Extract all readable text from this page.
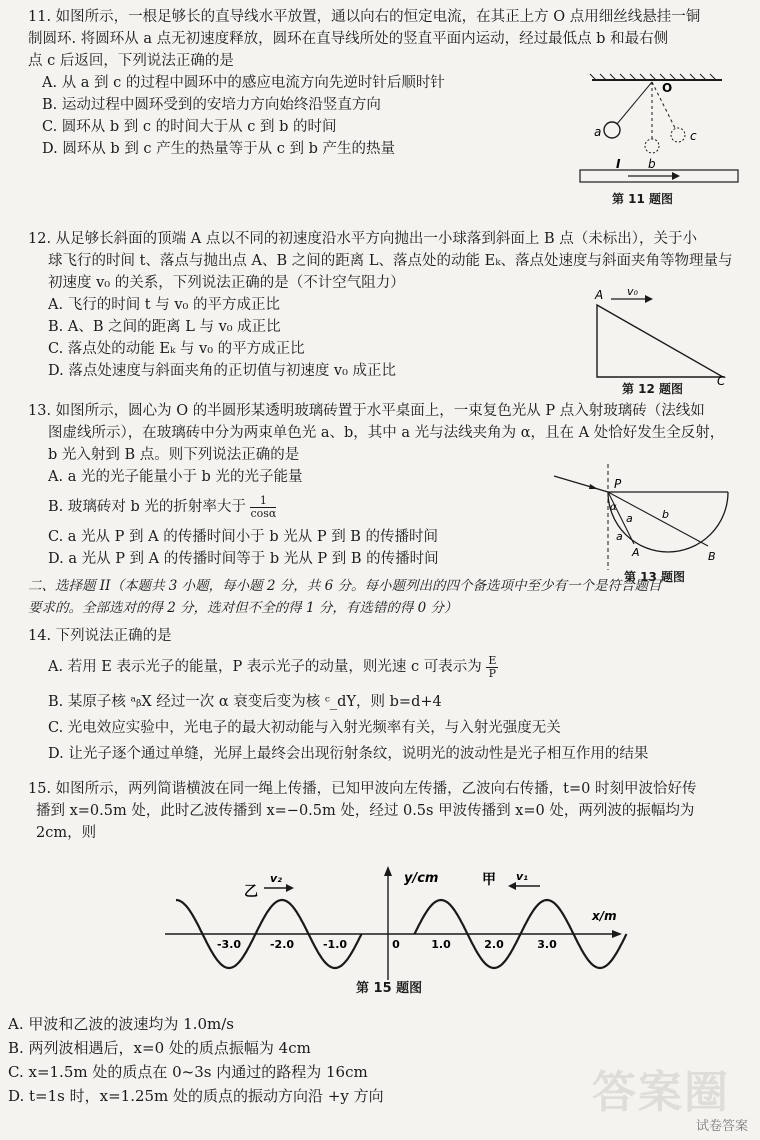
11. 如图所示，一根足够长的直导线水平放置，通以向右的恒定电流，在其正上方 O 点用细丝线悬挂一铜
制圆环. 将圆环从 a 点无初速度释放，圆环在直导线所处的竖直平面内运动，经过最低点 b 和最右侧
点 c 后返回，下列说法正确的是
A. 从 a 到 c 的过程中圆环中的感应电流方向先逆时针后顺时针
B. 运动过程中圆环受到的安培力方向始终沿竖直方向
C. 圆环从 b 到 c 的时间大于从 c 到 b 的时间
D. 圆环从 b 到 c 产生的热量等于从 c 到 b 产生的热量
O
a
b
c
I
第 11 题图
12. 从足够长斜面的顶端 A 点以不同的初速度沿水平方向抛出一小球落到斜面上 B 点（未标出），关于小
球飞行的时间 t、落点与抛出点 A、B 之间的距离 L、落点处的动能 Eₖ、落点处速度与斜面夹角等物理量与
初速度 v₀ 的关系，下列说法正确的是（不计空气阻力）
A. 飞行的时间 t 与 v₀ 的平方成正比
B. A、B 之间的距离 L 与 v₀ 成正比
C. 落点处的动能 Eₖ 与 v₀ 的平方成正比
D. 落点处速度与斜面夹角的正切值与初速度 v₀ 成正比
A v₀
C
第 12 题图
13. 如图所示，圆心为 O 的半圆形某透明玻璃砖置于水平桌面上，一束复色光从 P 点入射玻璃砖（法线如
图虚线所示），在玻璃砖中分为两束单色光 a、b，其中 a 光与法线夹角为 α，且在 A 处恰好发生全反射，
b 光入射到 B 点。则下列说法正确的是
A. a 光的光子能量小于 b 光的光子能量
B. 玻璃砖对 b 光的折射率大于 $\frac{1}{\cos\alpha}$
C. a 光从 P 到 A 的传播时间小于 b 光从 P 到 B 的传播时间
D. a 光从 P 到 A 的传播时间等于 b 光从 P 到 B 的传播时间
P
a
a
b
A	B
α
第 13 题图
二、选择题 II（本题共 3 小题，每小题 2 分，共 6 分。每小题列出的四个备选项中至少有一个是符合题目
要求的。全部选对的得 2 分，选对但不全的得 1 分，有选错的得 0 分）
14. 下列说法正确的是
A. 若用 E 表示光子的能量，P 表示光子的动量，则光速 c 可表示为 $\frac{E}{P}$
B. 某原子核 ᵃᵦX 经过一次 α 衰变后变为核 ᶜ_dY，则 b=d+4
C. 光电效应实验中，光电子的最大初动能与入射光频率有关，与入射光强度无关
D. 让光子逐个通过单缝，光屏上最终会出现衍射条纹，说明光的波动性是光子相互作用的结果
15. 如图所示，两列简谐横波在同一绳上传播，已知甲波向左传播，乙波向右传播，t=0 时刻甲波恰好传
播到 x=0.5m 处，此时乙波传播到 x=−0.5m 处，经过 0.5s 甲波传播到 x=0 处，两列波的振幅均为
2cm，则
y/cm
x/m
-3.0	-2.0	-1.0	0	1.0	2.0	3.0
乙
v₂	甲 v₁
第 15 题图
A. 甲波和乙波的波速均为 1.0m/s
B. 两列波相遇后，x=0 处的质点振幅为 4cm
C. x=1.5m 处的质点在 0~3s 内通过的路程为 16cm
D. t=1s 时，x=1.25m 处的质点的振动方向沿 +y 方向	答案圈
试卷答案
